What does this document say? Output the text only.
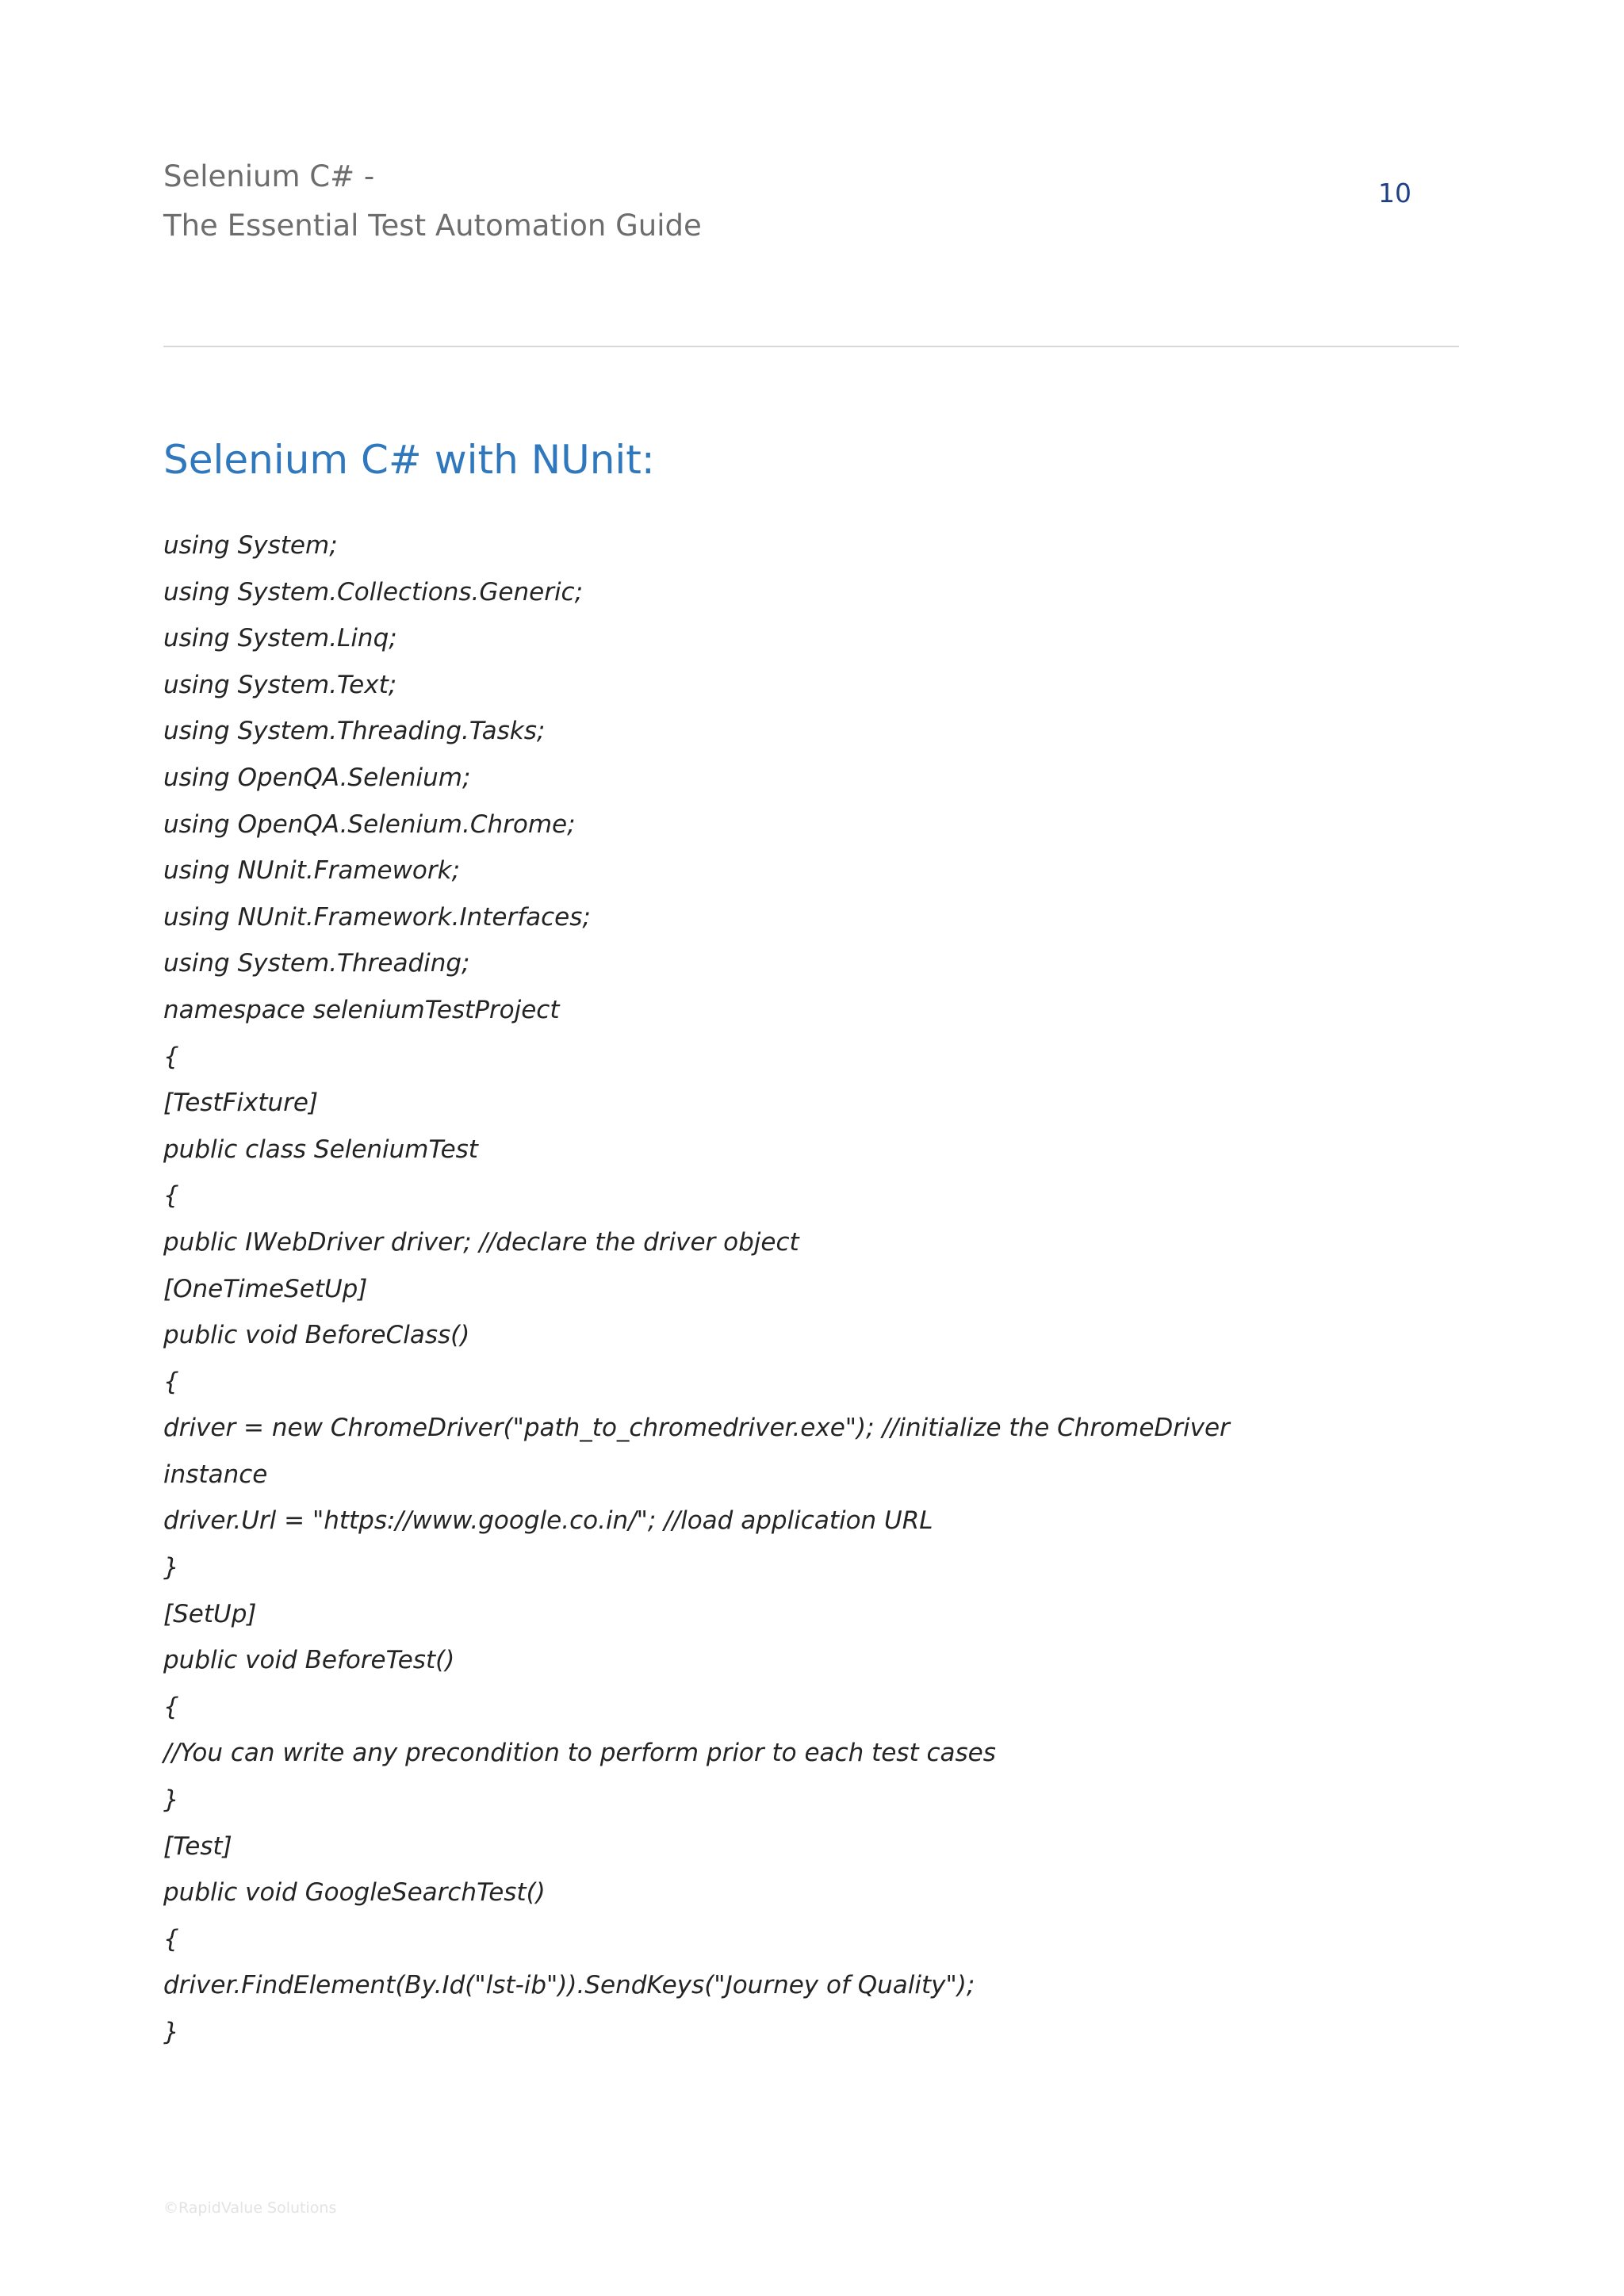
Selenium C# -
The Essential Test Automation Guide
10
Selenium C# with NUnit:
using System;
using System.Collections.Generic;
using System.Linq;
using System.Text;
using System.Threading.Tasks;
using OpenQA.Selenium;
using OpenQA.Selenium.Chrome;
using NUnit.Framework;
using NUnit.Framework.Interfaces;
using System.Threading;
namespace seleniumTestProject
{
[TestFixture]
public class SeleniumTest
{
public IWebDriver driver; //declare the driver object
[OneTimeSetUp]
public void BeforeClass()
{
driver = new ChromeDriver("path_to_chromedriver.exe"); //initialize the ChromeDriver
instance
driver.Url = "https://www.google.co.in/"; //load application URL
}
[SetUp]
public void BeforeTest()
{
//You can write any precondition to perform prior to each test cases
}
[Test]
public void GoogleSearchTest()
{
driver.FindElement(By.Id("lst-ib")).SendKeys("Journey of Quality");
}
©RapidValue Solutions
